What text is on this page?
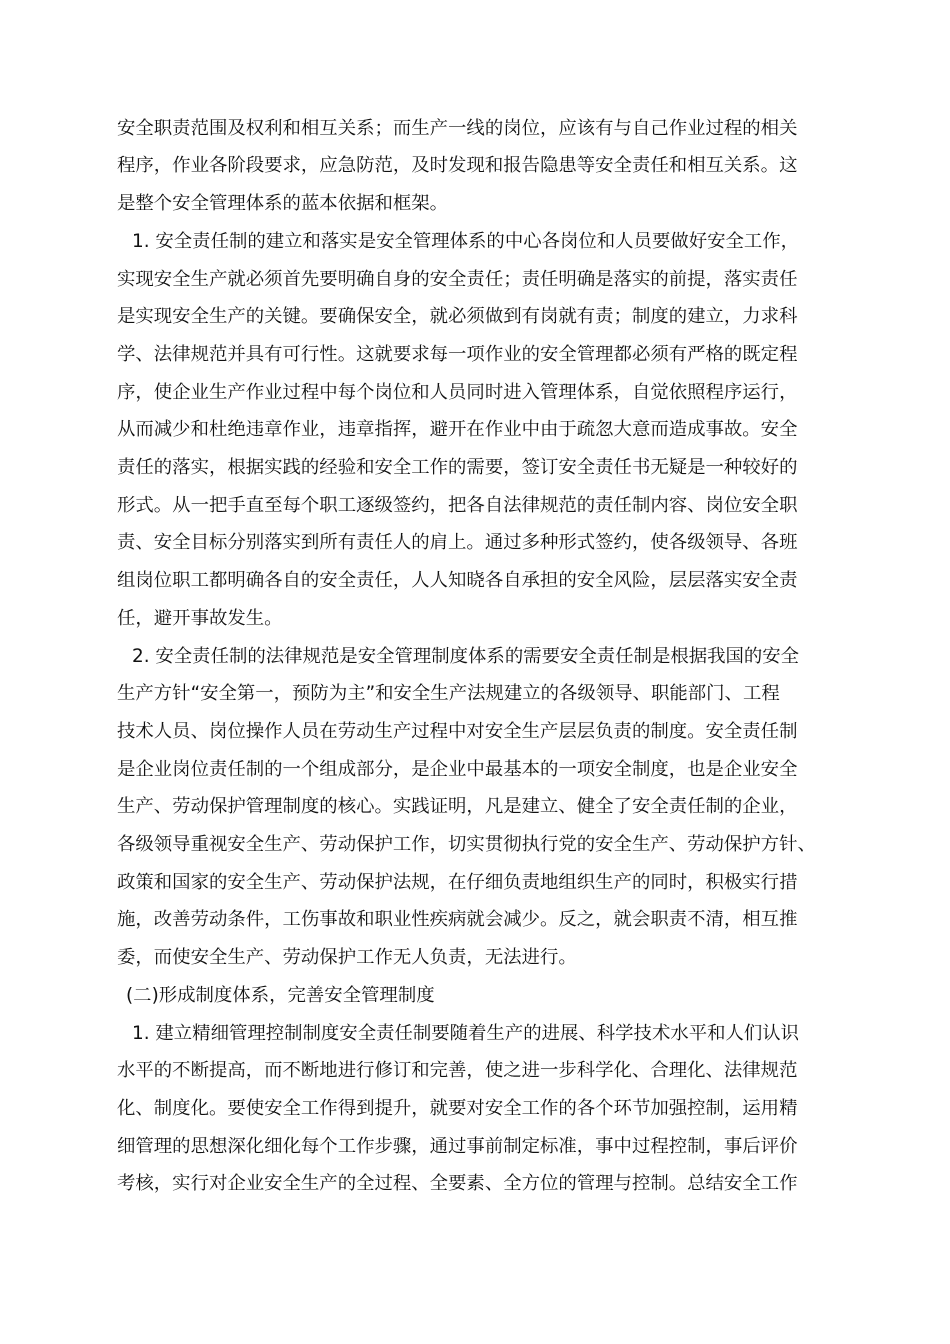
安全职责范围及权利和相互关系；而生产一线的岗位，应该有与自己作业过程的相关
程序，作业各阶段要求，应急防范，及时发现和报告隐患等安全责任和相互关系。这
是整个安全管理体系的蓝本依据和框架。
1. 安全责任制的建立和落实是安全管理体系的中心各岗位和人员要做好安全工作，
实现安全生产就必须首先要明确自身的安全责任；责任明确是落实的前提，落实责任
是实现安全生产的关键。要确保安全，就必须做到有岗就有责；制度的建立，力求科
学、法律规范并具有可行性。这就要求每一项作业的安全管理都必须有严格的既定程
序，使企业生产作业过程中每个岗位和人员同时进入管理体系，自觉依照程序运行，
从而减少和杜绝违章作业，违章指挥，避开在作业中由于疏忽大意而造成事故。安全
责任的落实，根据实践的经验和安全工作的需要，签订安全责任书无疑是一种较好的
形式。从一把手直至每个职工逐级签约，把各自法律规范的责任制内容、岗位安全职
责、安全目标分别落实到所有责任人的肩上。通过多种形式签约，使各级领导、各班
组岗位职工都明确各自的安全责任，人人知晓各自承担的安全风险，层层落实安全责
任，避开事故发生。
2. 安全责任制的法律规范是安全管理制度体系的需要安全责任制是根据我国的安全
生产方针“安全第一，预防为主”和安全生产法规建立的各级领导、职能部门、工程
技术人员、岗位操作人员在劳动生产过程中对安全生产层层负责的制度。安全责任制
是企业岗位责任制的一个组成部分，是企业中最基本的一项安全制度，也是企业安全
生产、劳动保护管理制度的核心。实践证明，凡是建立、健全了安全责任制的企业，
各级领导重视安全生产、劳动保护工作，切实贯彻执行党的安全生产、劳动保护方针、
政策和国家的安全生产、劳动保护法规，在仔细负责地组织生产的同时，积极实行措
施，改善劳动条件，工伤事故和职业性疾病就会减少。反之，就会职责不清，相互推
委，而使安全生产、劳动保护工作无人负责，无法进行。
(二)形成制度体系，完善安全管理制度
1. 建立精细管理控制制度安全责任制要随着生产的进展、科学技术水平和人们认识
水平的不断提高，而不断地进行修订和完善，使之进一步科学化、合理化、法律规范
化、制度化。要使安全工作得到提升，就要对安全工作的各个环节加强控制，运用精
细管理的思想深化细化每个工作步骤，通过事前制定标准，事中过程控制，事后评价
考核，实行对企业安全生产的全过程、全要素、全方位的管理与控制。总结安全工作
